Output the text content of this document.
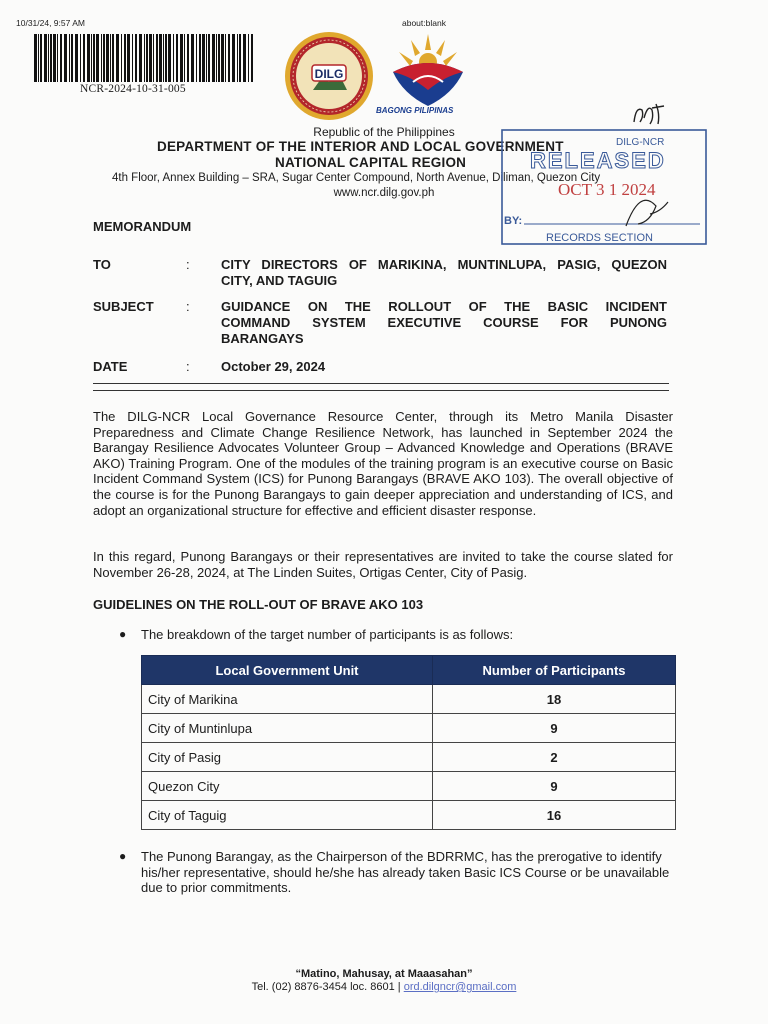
10/31/24, 9:57 AM	about:blank
NCR-2024-10-31-005
DILG
BAGONG PILIPINAS
Republic of the Philippines
DEPARTMENT OF THE INTERIOR AND LOCAL GOVERNMENT
NATIONAL CAPITAL REGION
4th Floor, Annex Building – SRA, Sugar Center Compound, North Avenue, Diliman, Quezon City
www.ncr.dilg.gov.ph
DILG-NCR
RELEASED
OCT 3 1 2024
BY:
RECORDS SECTION
MEMORANDUM
TO	: CITY DIRECTORS OF MARIKINA, MUNTINLUPA, PASIG, QUEZON
CITY, AND TAGUIG
SUBJECT : GUIDANCE ON THE ROLLOUT OF THE BASIC INCIDENT
COMMAND SYSTEM EXECUTIVE COURSE FOR PUNONG
BARANGAYS
DATE	: October 29, 2024
The DILG-NCR Local Governance Resource Center, through its Metro Manila Disaster Preparedness and Climate Change Resilience Network, has launched in September 2024 the Barangay Resilience Advocates Volunteer Group – Advanced Knowledge and Operations (BRAVE AKO) Training Program. One of the modules of the training program is an executive course on Basic Incident Command System (ICS) for Punong Barangays (BRAVE AKO 103). The overall objective of the course is for the Punong Barangays to gain deeper appreciation and understanding of ICS, and adopt an organizational structure for effective and efficient disaster response.
In this regard, Punong Barangays or their representatives are invited to take the course slated for November 26-28, 2024, at The Linden Suites, Ortigas Center, City of Pasig.
GUIDELINES ON THE ROLL-OUT OF BRAVE AKO 103
● The breakdown of the target number of participants is as follows:
Local Government Unit	Number of Participants
City of Marikina	18
City of Muntinlupa	9
City of Pasig	2
Quezon City	9
City of Taguig	16
● The Punong Barangay, as the Chairperson of the BDRRMC, has the prerogative to identify his/her representative, should he/she has already taken Basic ICS Course or be unavailable due to prior commitments.
“Matino, Mahusay, at Maaasahan”
Tel. (02) 8876-3454 loc. 8601 | ord.dilgncr@gmail.com
